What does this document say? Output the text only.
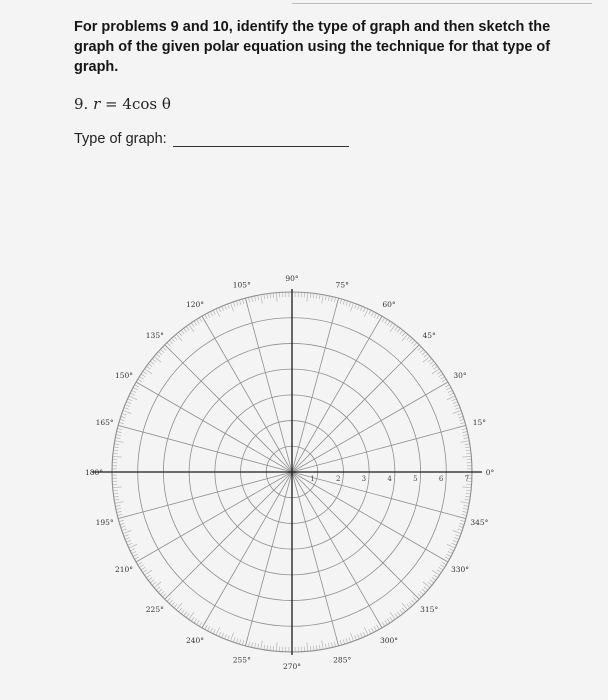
For problems 9 and 10, identify the type of graph and then sketch the graph of the given polar equation using the technique for that type of graph.
9. r = 4cos θ
Type of graph:
0°
15°
30°
45°
60°
75°
90°
105°
120°
135°
150°
165°
180°
195°
210°
225°
240°
255°
270°
285°
300°
315°
330°
345°
1	2	3	4	5	6	7
